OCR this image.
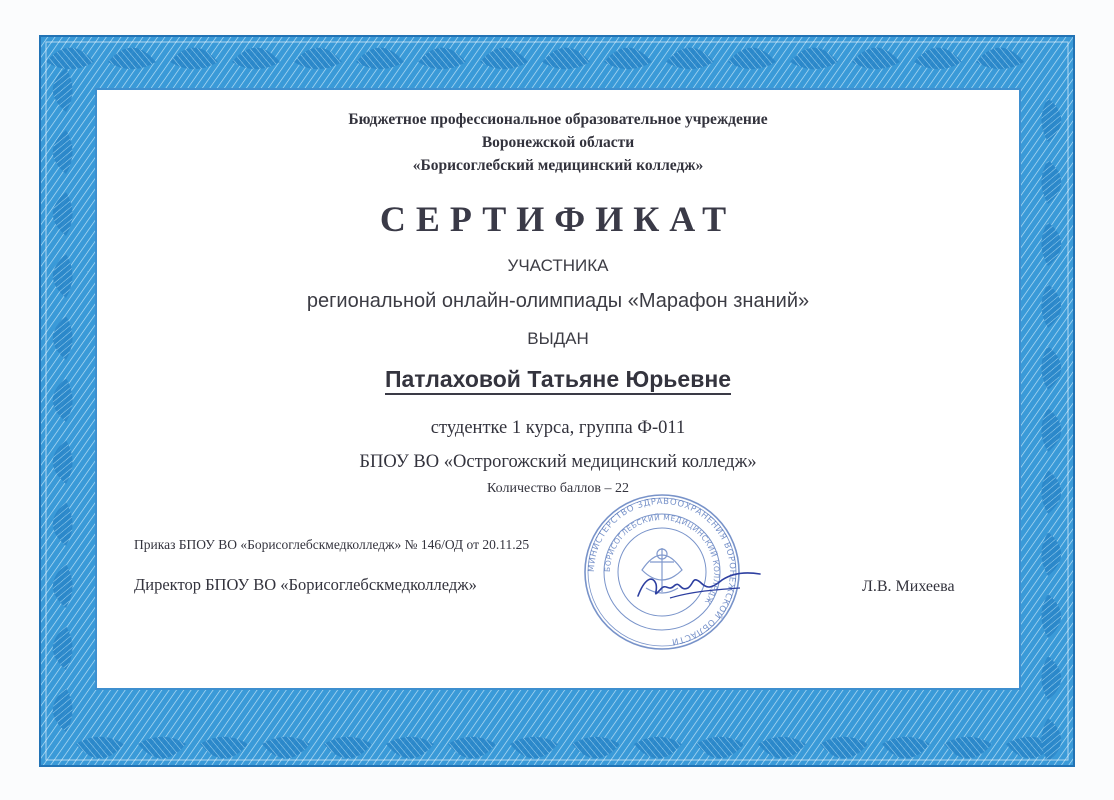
Бюджетное профессиональное образовательное учреждение
Воронежской области
«Борисоглебский медицинский колледж»
СЕРТИФИКАТ
УЧАСТНИКА
региональной онлайн-олимпиады «Марафон знаний»
ВЫДАН
Патлаховой Татьяне Юрьевне
студентке 1 курса, группа Ф-011
БПОУ ВО «Острогожский медицинский колледж»
Количество баллов – 22
Приказ БПОУ ВО «Борисоглебскмедколледж» № 146/ОД от 20.11.25
Директор БПОУ ВО «Борисоглебскмедколледж»	Л.В. Михеева
МИНИСТЕРСТВО ЗДРАВООХРАНЕНИЯ ВОРОНЕЖСКОЙ ОБЛАСТИ
БОРИСОГЛЕБСКИЙ МЕДИЦИНСКИЙ КОЛЛЕДЖ
